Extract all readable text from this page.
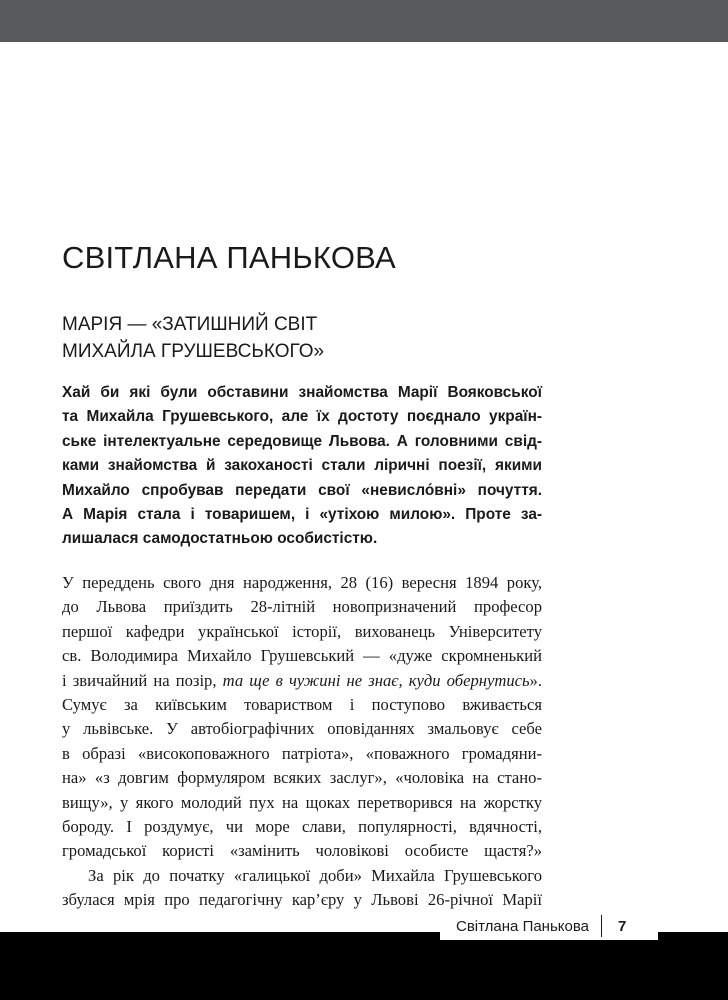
СВІТЛАНА ПАНЬКОВА
МАРІЯ — «ЗАТИШНИЙ СВІТ
МИХАЙЛА ГРУШЕВСЬКОГО»

Хай би які були обставини знайомства Марії Вояковської
та Михайла Грушевського, але їх достоту поєднало україн-
ське інтелектуальне середовище Львова. А головними свід-
ками знайомства й закоханості стали ліричні поезії, якими
Михайло спробував передати свої «невисло́вні» почуття.
А Марія стала і товаришем, і «утіхою милою». Проте за-
лишалася самодостатньою особистістю.

У переддень свого дня народження, 28 (16) вересня 1894 року,
до Львова приїздить 28-літній новопризначений професор
першої кафедри української історії, вихованець Університету
св. Володимира Михайло Грушевський — «дуже скромненький
і звичайний на позір, та ще в чужині не знає, куди обернутись».
Сумує за київським товариством і поступово вживається
у львівське. У автобіографічних оповіданнях змальовує себе
в образі «високоповажного патріота», «поважного громадяни-
на» «з довгим формуляром всяких заслуг», «чоловіка на стано-
вищу», у якого молодий пух на щоках перетворився на жорстку
бороду. І роздумує, чи море слави, популярності, вдячності,
громадської користі «замінить чоловікові особисте щастя?»
За рік до початку «галицької доби» Михайла Грушевського
збулася мрія про педагогічну кар’єру у Львові 26-річної Марії
Світлана Панькова 7
